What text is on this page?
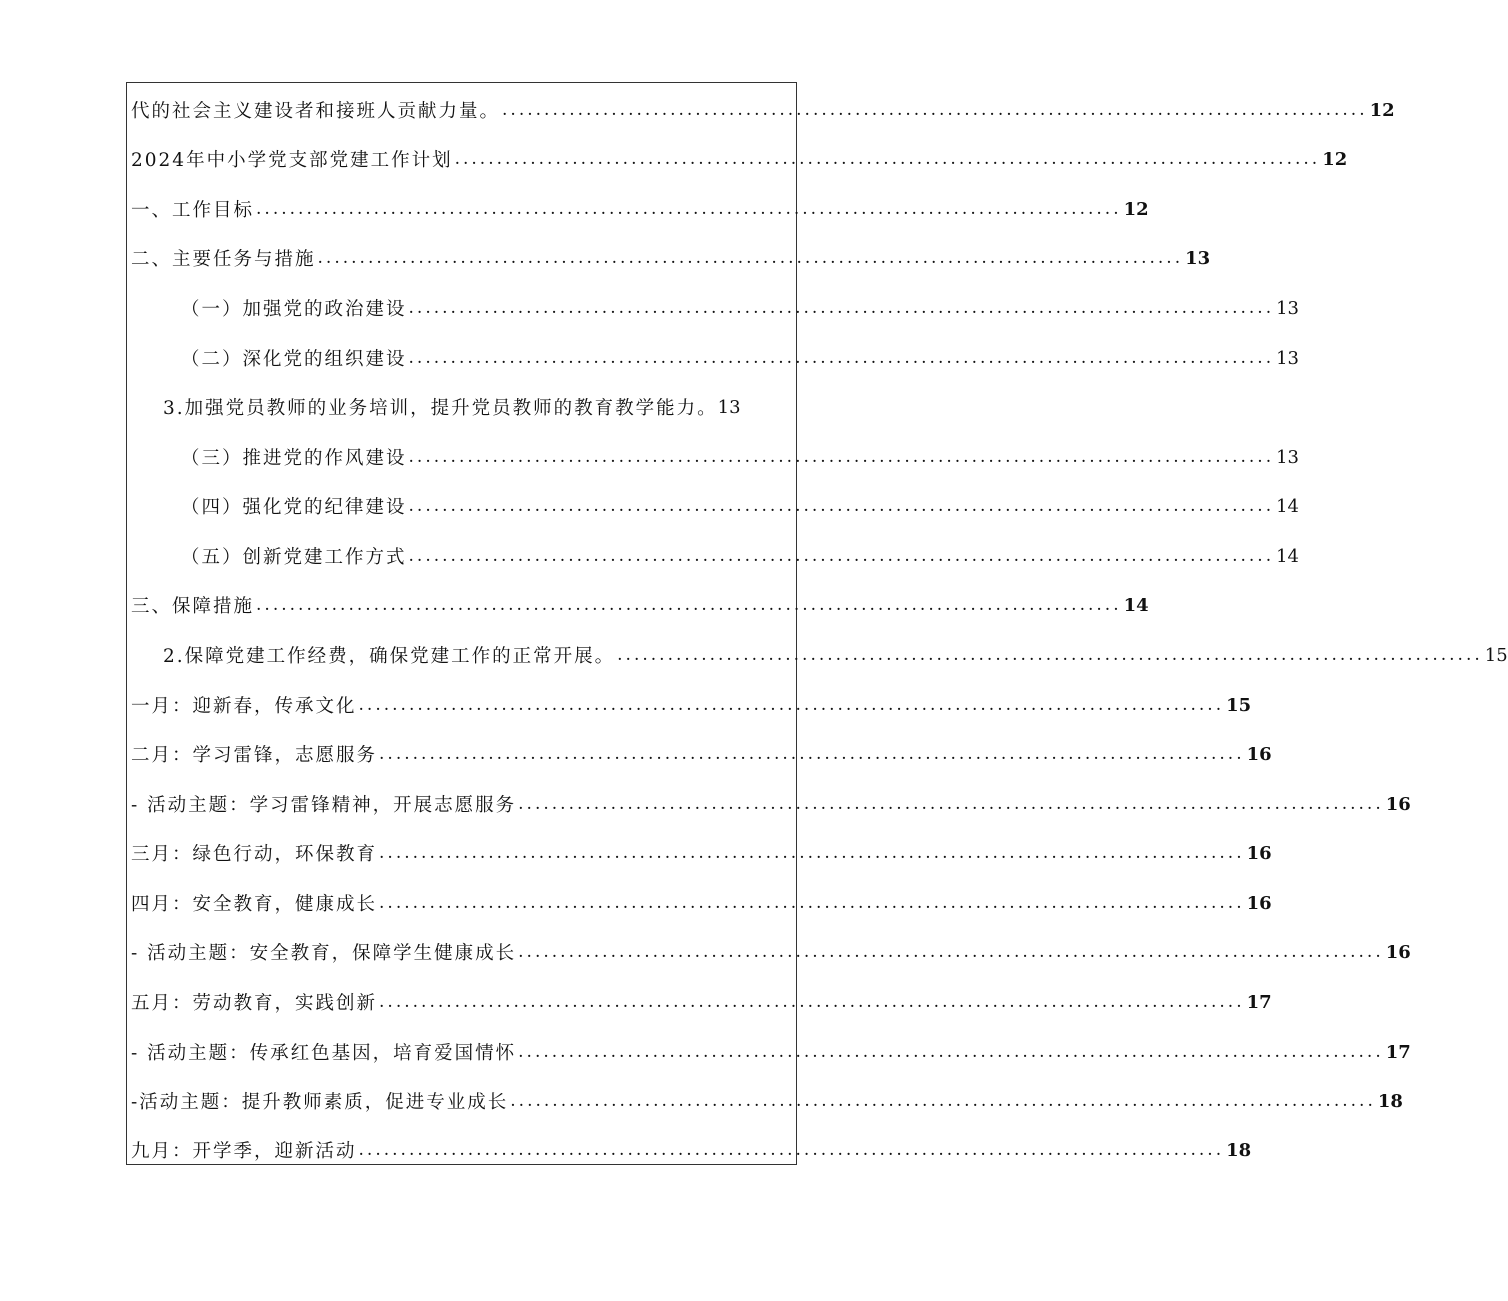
代的社会主义建设者和接班人贡献力量。 ....................................................................................................... 12
2024年中小学党支部党建工作计划 ....................................................................................................... 12
一、工作目标 ....................................................................................................... 12
二、主要任务与措施 ....................................................................................................... 13
（一）加强党的政治建设 ....................................................................................................... 13
（二）深化党的组织建设 ....................................................................................................... 13
3.加强党员教师的业务培训，提升党员教师的教育教学能力。 13
（三）推进党的作风建设 ....................................................................................................... 13
（四）强化党的纪律建设 ....................................................................................................... 14
（五）创新党建工作方式 ....................................................................................................... 14
三、保障措施 ....................................................................................................... 14
2.保障党建工作经费，确保党建工作的正常开展。 ....................................................................................................... 15
一月：迎新春，传承文化 ....................................................................................................... 15
二月：学习雷锋，志愿服务 ....................................................................................................... 16
- 活动主题：学习雷锋精神，开展志愿服务 ....................................................................................................... 16
三月：绿色行动，环保教育 ....................................................................................................... 16
四月：安全教育，健康成长 ....................................................................................................... 16
- 活动主题：安全教育，保障学生健康成长 ....................................................................................................... 16
五月：劳动教育，实践创新 ....................................................................................................... 17
- 活动主题：传承红色基因，培育爱国情怀 ....................................................................................................... 17
-活动主题：提升教师素质，促进专业成长 ....................................................................................................... 18
九月：开学季，迎新活动 ....................................................................................................... 18
